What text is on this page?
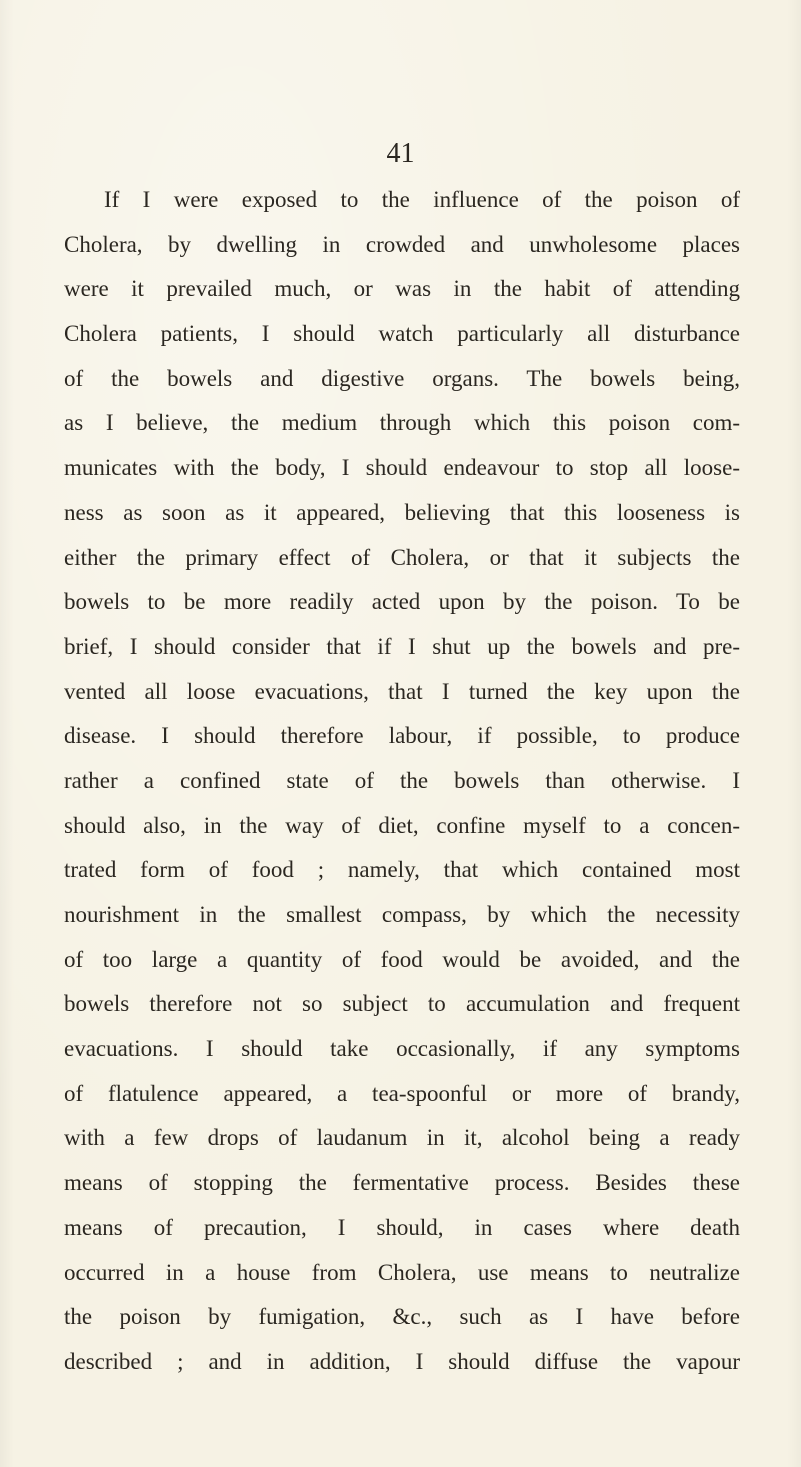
41
If I were exposed to the influence of the poison of
Cholera, by dwelling in crowded and unwholesome places
were it prevailed much, or was in the habit of attending
Cholera patients, I should watch particularly all disturbance
of the bowels and digestive organs. The bowels being,
as I believe, the medium through which this poison com-
municates with the body, I should endeavour to stop all loose-
ness as soon as it appeared, believing that this looseness is
either the primary effect of Cholera, or that it subjects the
bowels to be more readily acted upon by the poison. To be
brief, I should consider that if I shut up the bowels and pre-
vented all loose evacuations, that I turned the key upon the
disease. I should therefore labour, if possible, to produce
rather a confined state of the bowels than otherwise. I
should also, in the way of diet, confine myself to a concen-
trated form of food ; namely, that which contained most
nourishment in the smallest compass, by which the necessity
of too large a quantity of food would be avoided, and the
bowels therefore not so subject to accumulation and frequent
evacuations. I should take occasionally, if any symptoms
of flatulence appeared, a tea-spoonful or more of brandy,
with a few drops of laudanum in it, alcohol being a ready
means of stopping the fermentative process. Besides these
means of precaution, I should, in cases where death
occurred in a house from Cholera, use means to neutralize
the poison by fumigation, &c., such as I have before
described ; and in addition, I should diffuse the vapour
